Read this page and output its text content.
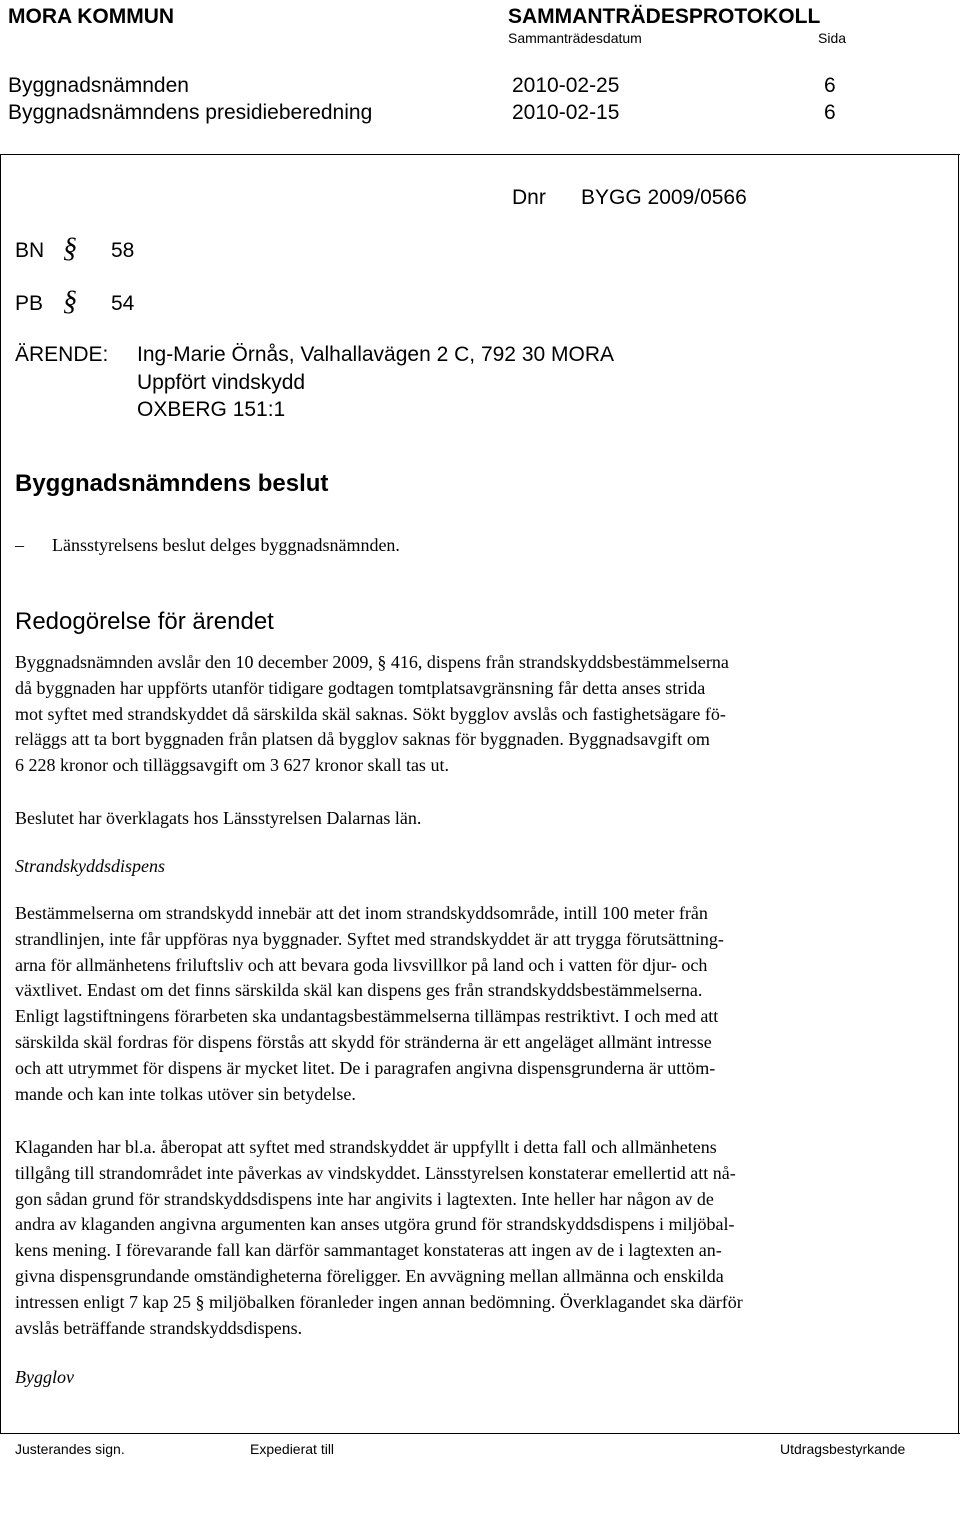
MORA KOMMUN	SAMMANTRÄDESPROTOKOLL
Sammanträdesdatum	Sida
Byggnadsnämnden	2010-02-25	6
Byggnadsnämndens presidieberedning	2010-02-15	6
Dnr BYGG 2009/0566
BN § 58
PB § 54
ÄRENDE: Ing-Marie Örnås, Valhallavägen 2 C, 792 30 MORA
Uppfört vindskydd
OXBERG 151:1
Byggnadsnämndens beslut
– Länsstyrelsens beslut delges byggnadsnämnden.
Redogörelse för ärendet
Byggnadsnämnden avslår den 10 december 2009, § 416, dispens från strandskyddsbestämmelserna
då byggnaden har uppförts utanför tidigare godtagen tomtplatsavgränsning får detta anses strida
mot syftet med strandskyddet då särskilda skäl saknas. Sökt bygglov avslås och fastighetsägare fö-
reläggs att ta bort byggnaden från platsen då bygglov saknas för byggnaden. Byggnadsavgift om
6 228 kronor och tilläggsavgift om 3 627 kronor skall tas ut.
Beslutet har överklagats hos Länsstyrelsen Dalarnas län.
Strandskyddsdispens
Bestämmelserna om strandskydd innebär att det inom strandskyddsområde, intill 100 meter från
strandlinjen, inte får uppföras nya byggnader. Syftet med strandskyddet är att trygga förutsättning-
arna för allmänhetens friluftsliv och att bevara goda livsvillkor på land och i vatten för djur- och
växtlivet. Endast om det finns särskilda skäl kan dispens ges från strandskyddsbestämmelserna.
Enligt lagstiftningens förarbeten ska undantagsbestämmelserna tillämpas restriktivt. I och med att
särskilda skäl fordras för dispens förstås att skydd för stränderna är ett angeläget allmänt intresse
och att utrymmet för dispens är mycket litet. De i paragrafen angivna dispensgrunderna är uttöm-
mande och kan inte tolkas utöver sin betydelse.
Klaganden har bl.a. åberopat att syftet med strandskyddet är uppfyllt i detta fall och allmänhetens
tillgång till strandområdet inte påverkas av vindskyddet. Länsstyrelsen konstaterar emellertid att nå-
gon sådan grund för strandskyddsdispens inte har angivits i lagtexten. Inte heller har någon av de
andra av klaganden angivna argumenten kan anses utgöra grund för strandskyddsdispens i miljöbal-
kens mening. I förevarande fall kan därför sammantaget konstateras att ingen av de i lagtexten an-
givna dispensgrundande omständigheterna föreligger. En avvägning mellan allmänna och enskilda
intressen enligt 7 kap 25 § miljöbalken föranleder ingen annan bedömning. Överklagandet ska därför
avslås beträffande strandskyddsdispens.
Bygglov
Justerandes sign.	Expedierat till	Utdragsbestyrkande
